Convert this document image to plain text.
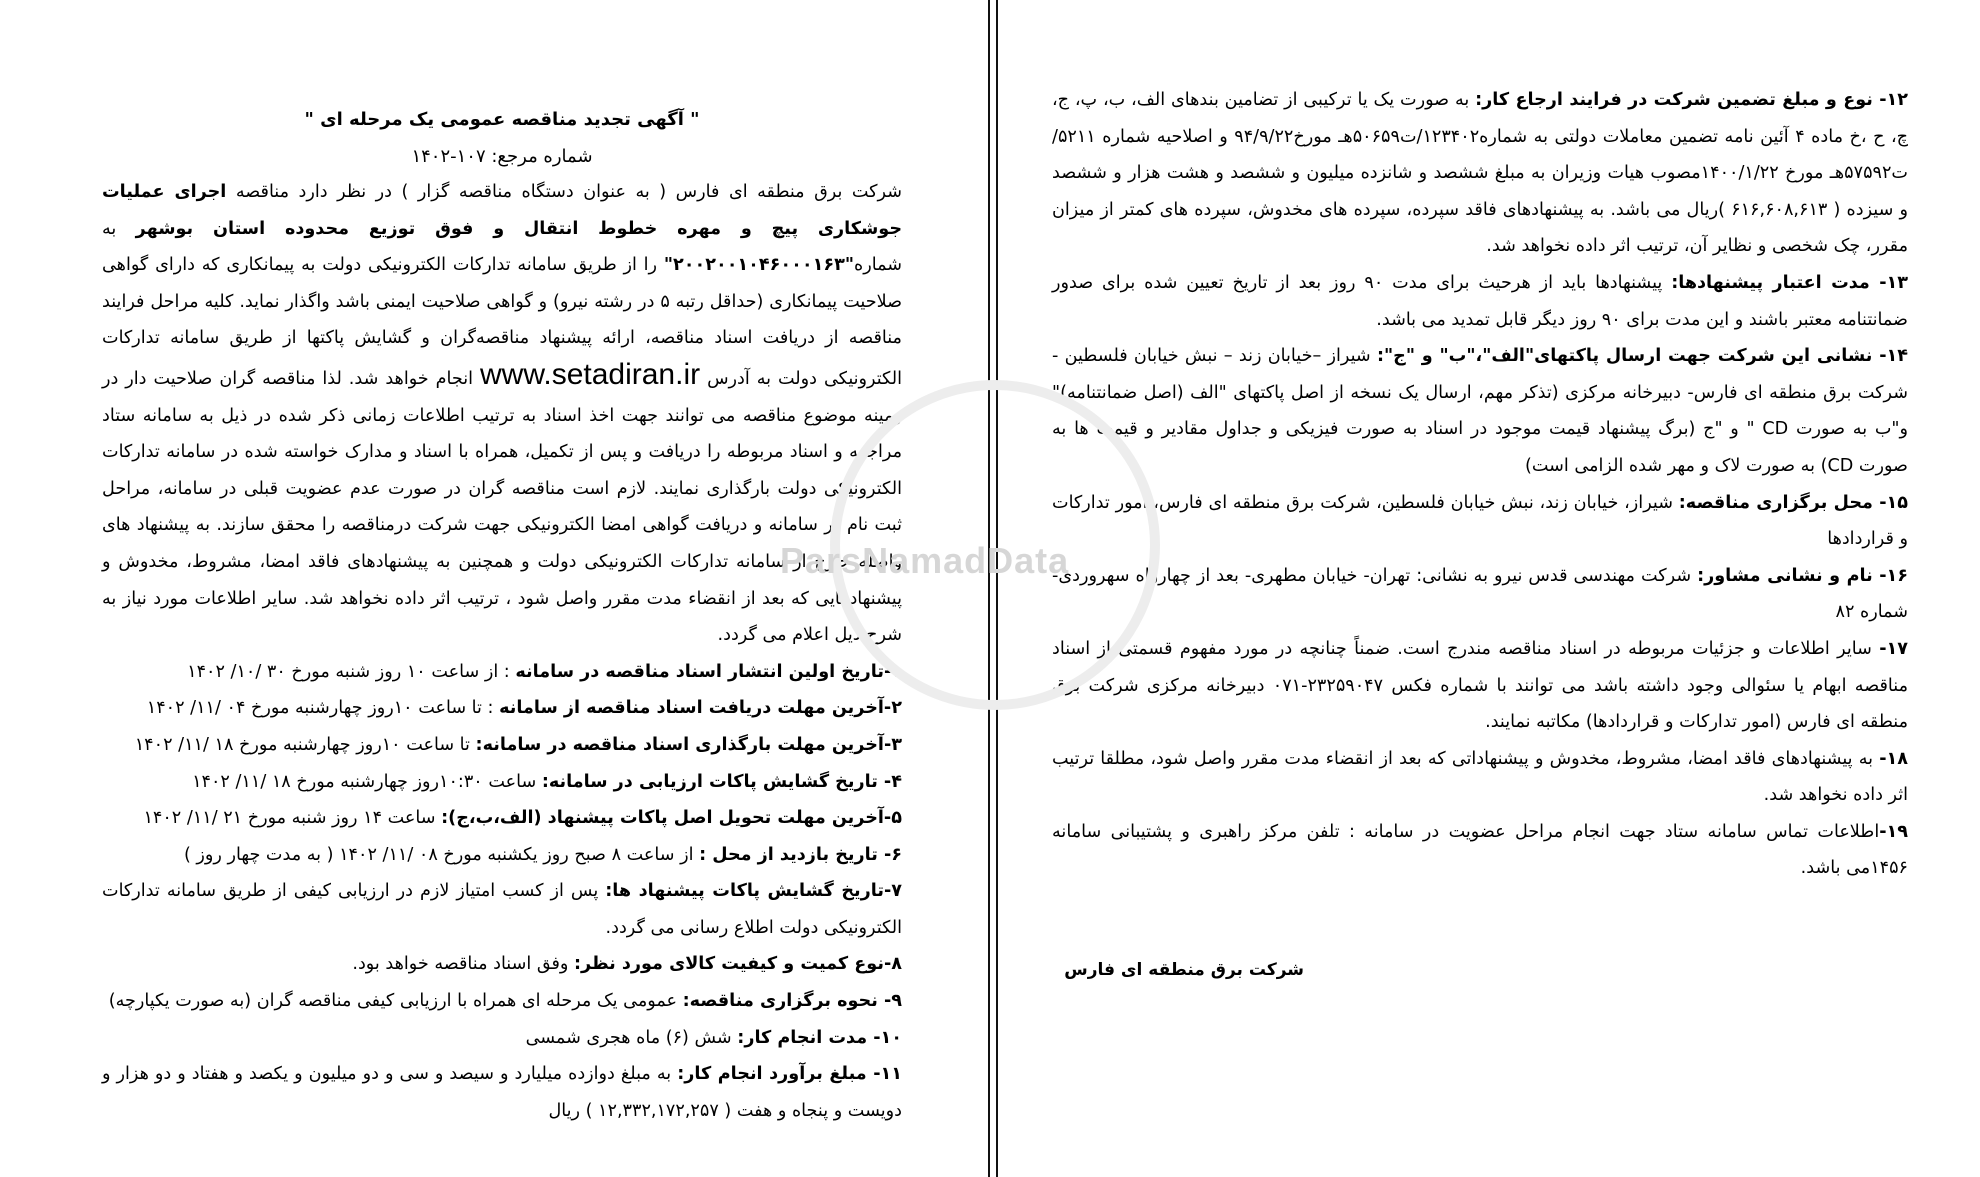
" آگهی تجدید مناقصه عمومی یک مرحله ای "
شماره مرجع: ۱۰۷-۱۴۰۲
شرکت برق منطقه ای فارس ( به عنوان دستگاه مناقصه گزار ) در نظر دارد مناقصه اجرای عملیات جوشکاری پیچ و مهره خطوط انتقال و فوق توزیع محدوده استان بوشهر به شماره"۲۰۰۲۰۰۱۰۴۶۰۰۰۱۶۳" را از طریق سامانه تدارکات الکترونیکی دولت به پیمانکاری که دارای گواهی صلاحیت پیمانکاری (حداقل رتبه ۵ در رشته نیرو) و گواهی صلاحیت ایمنی باشد واگذار نماید. کلیه مراحل فرایند مناقصه از دریافت اسناد مناقصه، ارائه پیشنهاد مناقصه‌گران و گشایش پاکتها از طریق سامانه تدارکات الکترونیکی دولت به آدرس www.setadiran.ir انجام خواهد شد. لذا مناقصه گران صلاحیت دار در زمینه موضوع مناقصه می توانند جهت اخذ اسناد به ترتیب اطلاعات زمانی ذکر شده در ذیل به سامانه ستاد مراجعه و اسناد مربوطه را دریافت و پس از تکمیل، همراه با اسناد و مدارک خواسته شده در سامانه تدارکات الکترونیکی دولت بارگذاری نمایند. لازم است مناقصه گران در صورت عدم عضویت قبلی در سامانه، مراحل ثبت نام در سامانه و دریافت گواهی امضا الکترونیکی جهت شرکت درمناقصه را محقق سازند. به پیشنهاد های واصله خارج از سامانه تدارکات الکترونیکی دولت و همچنین به پیشنهادهای فاقد امضا، مشروط، مخدوش و پیشنهادهایی که بعد از انقضاء مدت مقرر واصل شود ، ترتیب اثر داده نخواهد شد. سایر اطلاعات مورد نیاز به شرح ذیل اعلام می گردد.
۱-تاریخ اولین انتشار اسناد مناقصه در سامانه : از ساعت ۱۰ روز شنبه مورخ ۳۰ /۱۰/ ۱۴۰۲
۲-آخرین مهلت دریافت اسناد مناقصه از سامانه : تا ساعت ۱۰روز چهارشنبه مورخ ۰۴ /۱۱/ ۱۴۰۲
۳-آخرین مهلت بارگذاری اسناد مناقصه در سامانه: تا ساعت ۱۰روز چهارشنبه مورخ ۱۸ /۱۱/ ۱۴۰۲
۴- تاریخ گشایش پاکات ارزیابی در سامانه: ساعت ۱۰:۳۰روز چهارشنبه مورخ ۱۸ /۱۱/ ۱۴۰۲
۵-آخرین مهلت تحویل اصل پاکات پیشنهاد (الف،ب،ج): ساعت ۱۴ روز شنبه مورخ ۲۱ /۱۱/ ۱۴۰۲
۶- تاریخ بازدید از محل : از ساعت ۸ صبح روز یکشنبه مورخ ۰۸ /۱۱/ ۱۴۰۲ ( به مدت چهار روز )
۷-تاریخ گشایش پاکات پیشنهاد ها: پس از کسب امتیاز لازم در ارزیابی کیفی از طریق سامانه تدارکات الکترونیکی دولت اطلاع رسانی می گردد.
۸-نوع کمیت و کیفیت کالای مورد نظر: وفق اسناد مناقصه خواهد بود.
۹- نحوه برگزاری مناقصه: عمومی یک مرحله ای همراه با ارزیابی کیفی مناقصه گران (به صورت یکپارچه)
۱۰- مدت انجام کار: شش (۶) ماه هجری شمسی
۱۱- مبلغ برآورد انجام کار: به مبلغ دوازده میلیارد و سیصد و سی و دو میلیون و یکصد و هفتاد و دو هزار و دویست و پنجاه و هفت ( ۱۲,۳۳۲,۱۷۲,۲۵۷ ) ریال
۱۲- نوع و مبلغ تضمین شرکت در فرایند ارجاع کار: به صورت یک یا ترکیبی از تضامین بندهای الف، ب، پ، ج، چ، ح ،خ ماده ۴ آئین نامه تضمین معاملات دولتی به شماره۱۲۳۴۰۲/ت۵۰۶۵۹هـ مورخ۹۴/۹/۲۲ و اصلاحیه شماره ۵۲۱۱/ت۵۷۵۹۲هـ مورخ ۱۴۰۰/۱/۲۲مصوب هیات وزیران به مبلغ ششصد و شانزده میلیون و ششصد و هشت هزار و ششصد و سیزده ( ۶۱۶,۶۰۸,۶۱۳ )ریال می باشد. به پیشنهادهای فاقد سپرده، سپرده های مخدوش، سپرده های کمتر از میزان مقرر، چک شخصی و نظایر آن، ترتیب اثر داده نخواهد شد.
۱۳- مدت اعتبار پیشنهادها: پیشنهادها باید از هرحیث برای مدت ۹۰ روز بعد از تاریخ تعیین شده برای صدور ضمانتنامه معتبر باشند و این مدت برای ۹۰ روز دیگر قابل تمدید می باشد.
۱۴- نشانی این شرکت جهت ارسال پاکتهای"الف"،"ب" و "ج": شیراز –خیابان زند – نبش خیابان فلسطین - شرکت برق منطقه ای فارس- دبیرخانه مرکزی (تذکر مهم، ارسال یک نسخه از اصل پاکتهای "الف (اصل ضمانتنامه)" و"ب به صورت CD " و "ج (برگ پیشنهاد قیمت موجود در اسناد به صورت فیزیکی و جداول مقادیر و قیمت ها به صورت CD) به صورت لاک و مهر شده الزامی است)
۱۵- محل برگزاری مناقصه: شیراز، خیابان زند، نبش خیابان فلسطین، شرکت برق منطقه ای فارس، امور تدارکات و قراردادها
۱۶- نام و نشانی مشاور: شرکت مهندسی قدس نیرو به نشانی: تهران- خیابان مطهری- بعد از چهارراه سهروردی- شماره ۸۲
۱۷- سایر اطلاعات و جزئیات مربوطه در اسناد مناقصه مندرج است. ضمناً چنانچه در مورد مفهوم قسمتی از اسناد مناقصه ابهام یا سئوالی وجود داشته باشد می توانند با شماره فکس ۲۳۲۵۹۰۴۷-۰۷۱ دبیرخانه مرکزی شرکت برق منطقه ای فارس (امور تدارکات و قراردادها) مکاتبه نمایند.
۱۸- به پیشنهادهای فاقد امضا، مشروط، مخدوش و پیشنهاداتی که بعد از انقضاء مدت مقرر واصل شود، مطلقا ترتیب اثر داده نخواهد شد.
۱۹-اطلاعات تماس سامانه ستاد جهت انجام مراحل عضویت در سامانه : تلفن مرکز راهبری و پشتیبانی سامانه ۱۴۵۶می باشد.
شرکت برق منطقه ای فارس
ParsNamadData
